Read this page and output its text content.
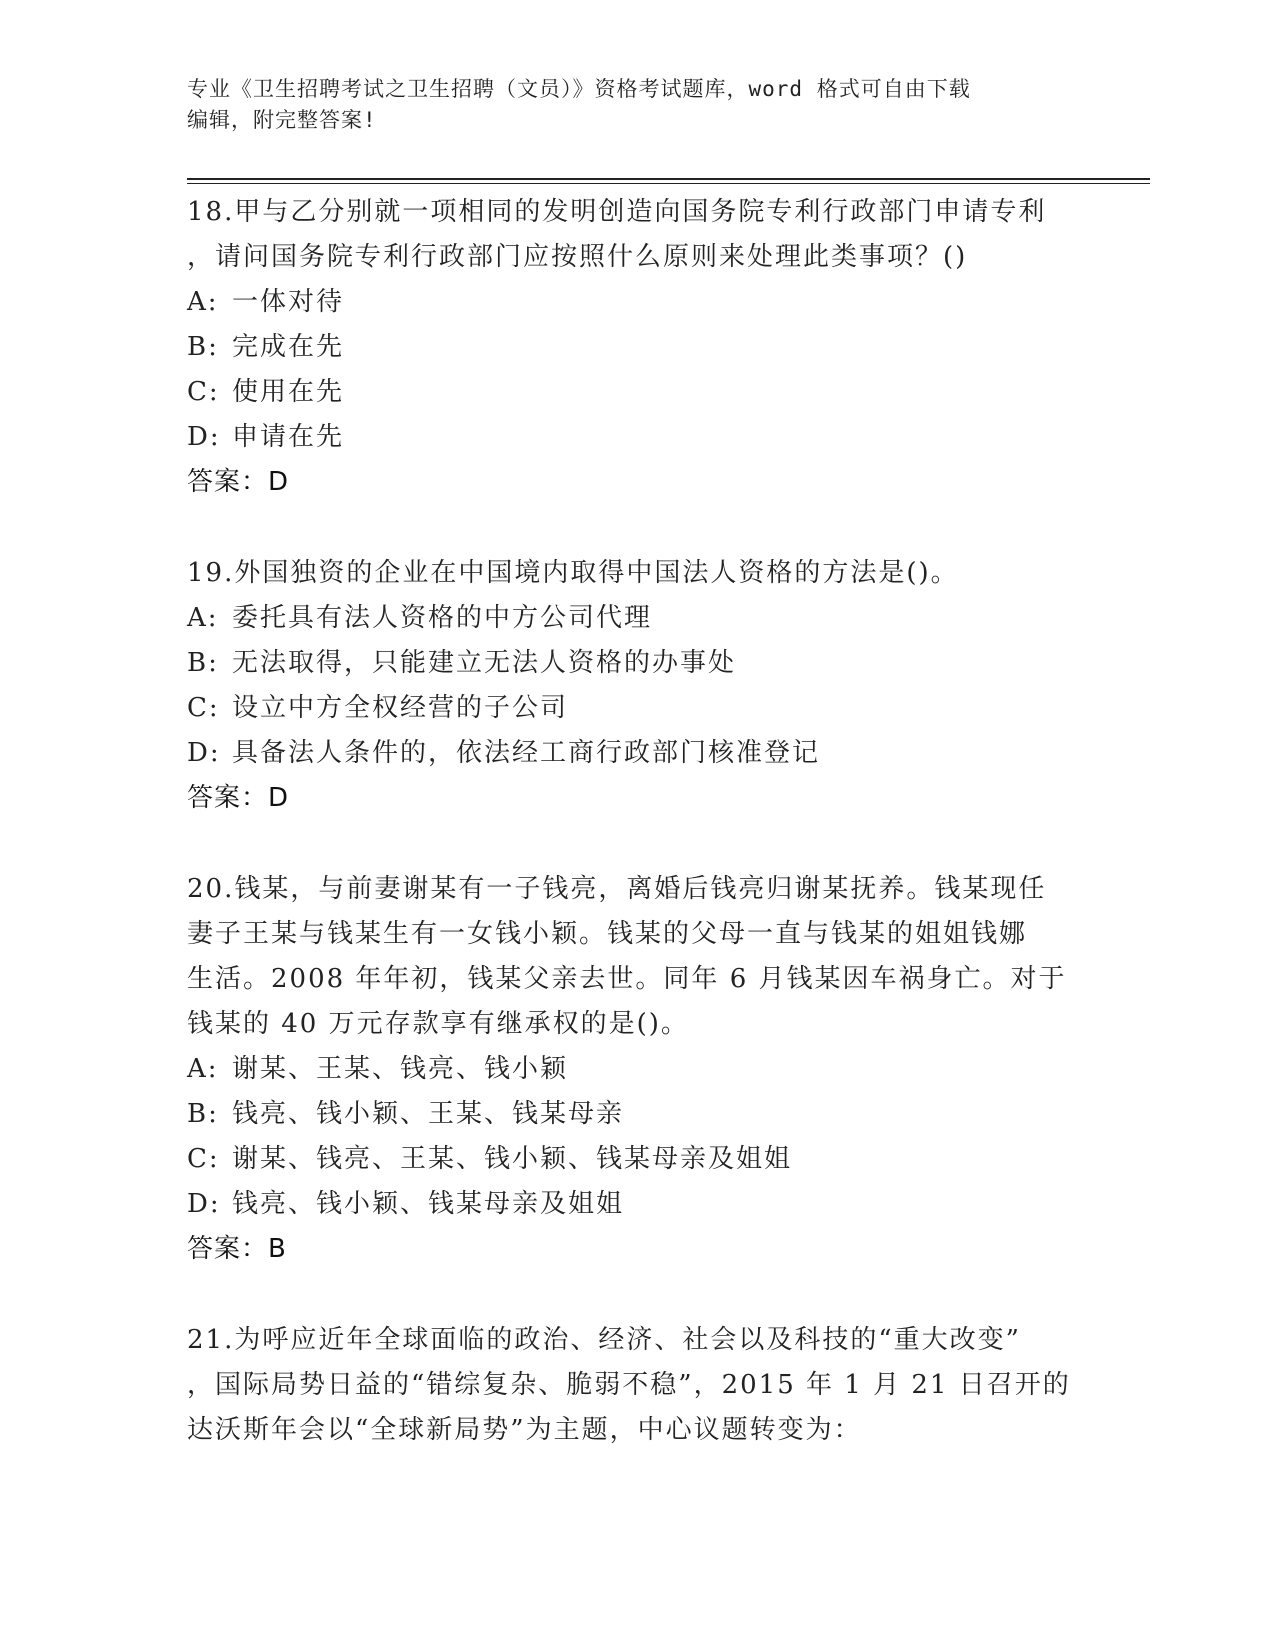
专业《卫生招聘考试之卫生招聘（文员）》资格考试题库，word 格式可自由下载
编辑，附完整答案!
18.甲与乙分别就一项相同的发明创造向国务院专利行政部门申请专利
，请问国务院专利行政部门应按照什么原则来处理此类事项？()
A: 一体对待
B: 完成在先
C: 使用在先
D: 申请在先
答案：D
19.外国独资的企业在中国境内取得中国法人资格的方法是()。
A: 委托具有法人资格的中方公司代理
B: 无法取得，只能建立无法人资格的办事处
C: 设立中方全权经营的子公司
D: 具备法人条件的，依法经工商行政部门核准登记
答案：D
20.钱某，与前妻谢某有一子钱亮，离婚后钱亮归谢某抚养。钱某现任
妻子王某与钱某生有一女钱小颖。钱某的父母一直与钱某的姐姐钱娜
生活。2008 年年初，钱某父亲去世。同年 6 月钱某因车祸身亡。对于
钱某的 40 万元存款享有继承权的是()。
A: 谢某、王某、钱亮、钱小颖
B: 钱亮、钱小颖、王某、钱某母亲
C: 谢某、钱亮、王某、钱小颖、钱某母亲及姐姐
D: 钱亮、钱小颖、钱某母亲及姐姐
答案：B
21.为呼应近年全球面临的政治、经济、社会以及科技的“重大改变”
，国际局势日益的“错综复杂、脆弱不稳”，2015 年 1 月 21 日召开的
达沃斯年会以“全球新局势”为主题，中心议题转变为：
